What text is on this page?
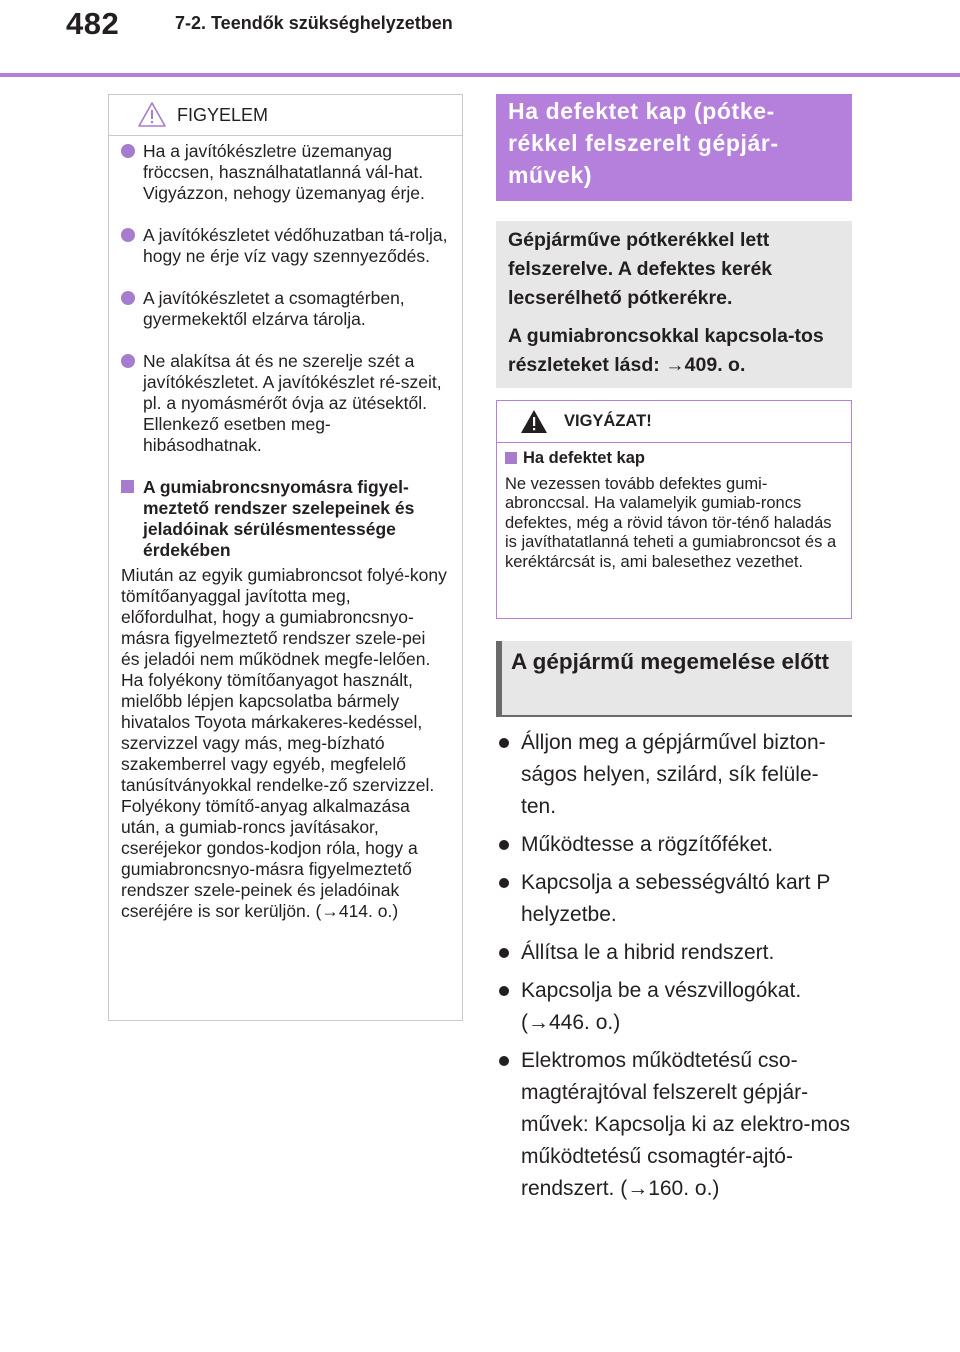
482	7-2. Teendők szükséghelyzetben
FIGYELEM
Ha a javítókészletre üzemanyag fröccsen, használhatatlanná vál-hat. Vigyázzon, nehogy üzemanyag érje.
A javítókészletet védőhuzatban tá-rolja, hogy ne érje víz vagy szennyeződés.
A javítókészletet a csomagtérben, gyermekektől elzárva tárolja.
Ne alakítsa át és ne szerelje szét a javítókészletet. A javítókészlet ré-szeit, pl. a nyomásmérőt óvja az ütésektől. Ellenkező esetben meg-hibásodhatnak.
A gumiabroncsnyomásra figyel-meztető rendszer szelepeinek és jeladóinak sérülésmentessége érdekében

Miután az egyik gumiabroncsot folyé-kony tömítőanyaggal javította meg, előfordulhat, hogy a gumiabroncsnyo-másra figyelmeztető rendszer szele-pei és jeladói nem működnek megfe-lelően. Ha folyékony tömítőanyagot használt, mielőbb lépjen kapcsolatba bármely hivatalos Toyota márkakeres-kedéssel, szervizzel vagy más, meg-bízható szakemberrel vagy egyéb, megfelelő tanúsítványokkal rendelke-ző szervizzel. Folyékony tömítő-anyag alkalmazása után, a gumiab-roncs javításakor, cseréjekor gondos-kodjon róla, hogy a gumiabroncsnyo-másra figyelmeztető rendszer szele-peinek és jeladóinak cseréjére is sor kerüljön. (→414. o.)

Ha defektet kap (pótke-rékkel felszerelt gépjár-művek)

Gépjárműve pótkerékkel lett felszerelve. A defektes kerék lecserélhető pótkerékre.

A gumiabroncsokkal kapcsola-tos részleteket lásd: →409. o.

VIGYÁZAT!
Ha defektet kap
Ne vezessen tovább defektes gumi-abronccsal. Ha valamelyik gumiab-roncs defektes, még a rövid távon tör-ténő haladás is javíthatatlanná teheti a gumiabroncsot és a keréktárcsát is, ami balesethez vezethet.
A gépjármű megemelése előtt
Álljon meg a gépjárművel bizton-ságos helyen, szilárd, sík felüle-ten.
Működtesse a rögzítőféket.
Kapcsolja a sebességváltó kart P helyzetbe.
Állítsa le a hibrid rendszert.
Kapcsolja be a vészvillogókat. (→446. o.)
Elektromos működtetésű cso-magtérajtóval felszerelt gépjár-művek: Kapcsolja ki az elektro-mos működtetésű csomagtér-ajtó-rendszert. (→160. o.)
